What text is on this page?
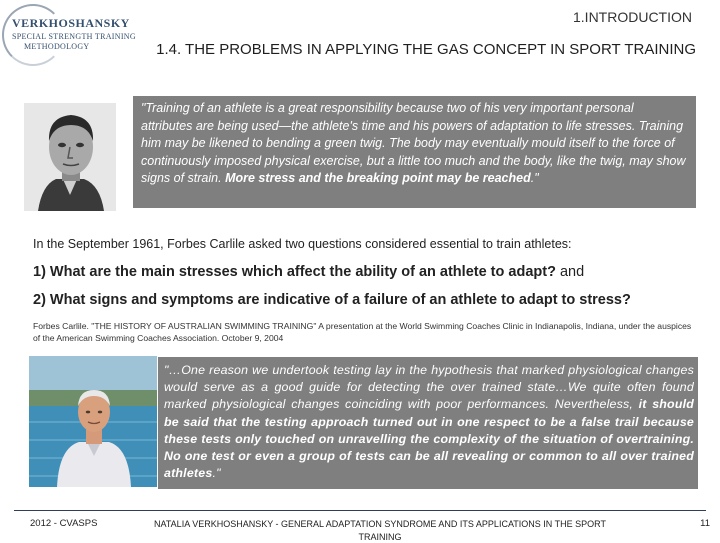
VERKHOSHANSKY
SPECIAL STRENGTH TRAINING
METHODOLOGY
1.INTRODUCTION
1.4. THE PROBLEMS IN APPLYING THE GAS CONCEPT IN SPORT TRAINING
"Training of an athlete is a great responsibility because two of his very important personal attributes are being used—the athlete's time and his powers of adaptation to life stresses. Training him may be likened to bending a green twig. The body may eventually mould itself to the force of continuously imposed physical exercise, but a little too much and the body, like the twig, may show signs of strain. More stress and the breaking point may be reached."
In the September 1961, Forbes Carlile asked two questions considered essential to train athletes:
1) What are the main stresses which affect the ability of an athlete to adapt? and
2) What signs and symptoms are indicative of a failure of an athlete to adapt to stress?
Forbes Carlile. "THE HISTORY OF AUSTRALIAN SWIMMING TRAINING" A presentation at the World Swimming Coaches Clinic in Indianapolis, Indiana, under the auspices of the American Swimming Coaches Association. October 9, 2004
"…One reason we undertook testing lay in the hypothesis that marked physiological changes would serve as a good guide for detecting the over trained state…We quite often found marked physiological changes coinciding with poor performances. Nevertheless, it should be said that the testing approach turned out in one respect to be a false trail because these tests only touched on unravelling the complexity of the situation of overtraining. No one test or even a group of tests can be all revealing or common to all over trained athletes."
2012 - CVASPS	NATALIA VERKHOSHANSKY - GENERAL ADAPTATION SYNDROME AND ITS APPLICATIONS IN THE SPORT TRAINING
11
